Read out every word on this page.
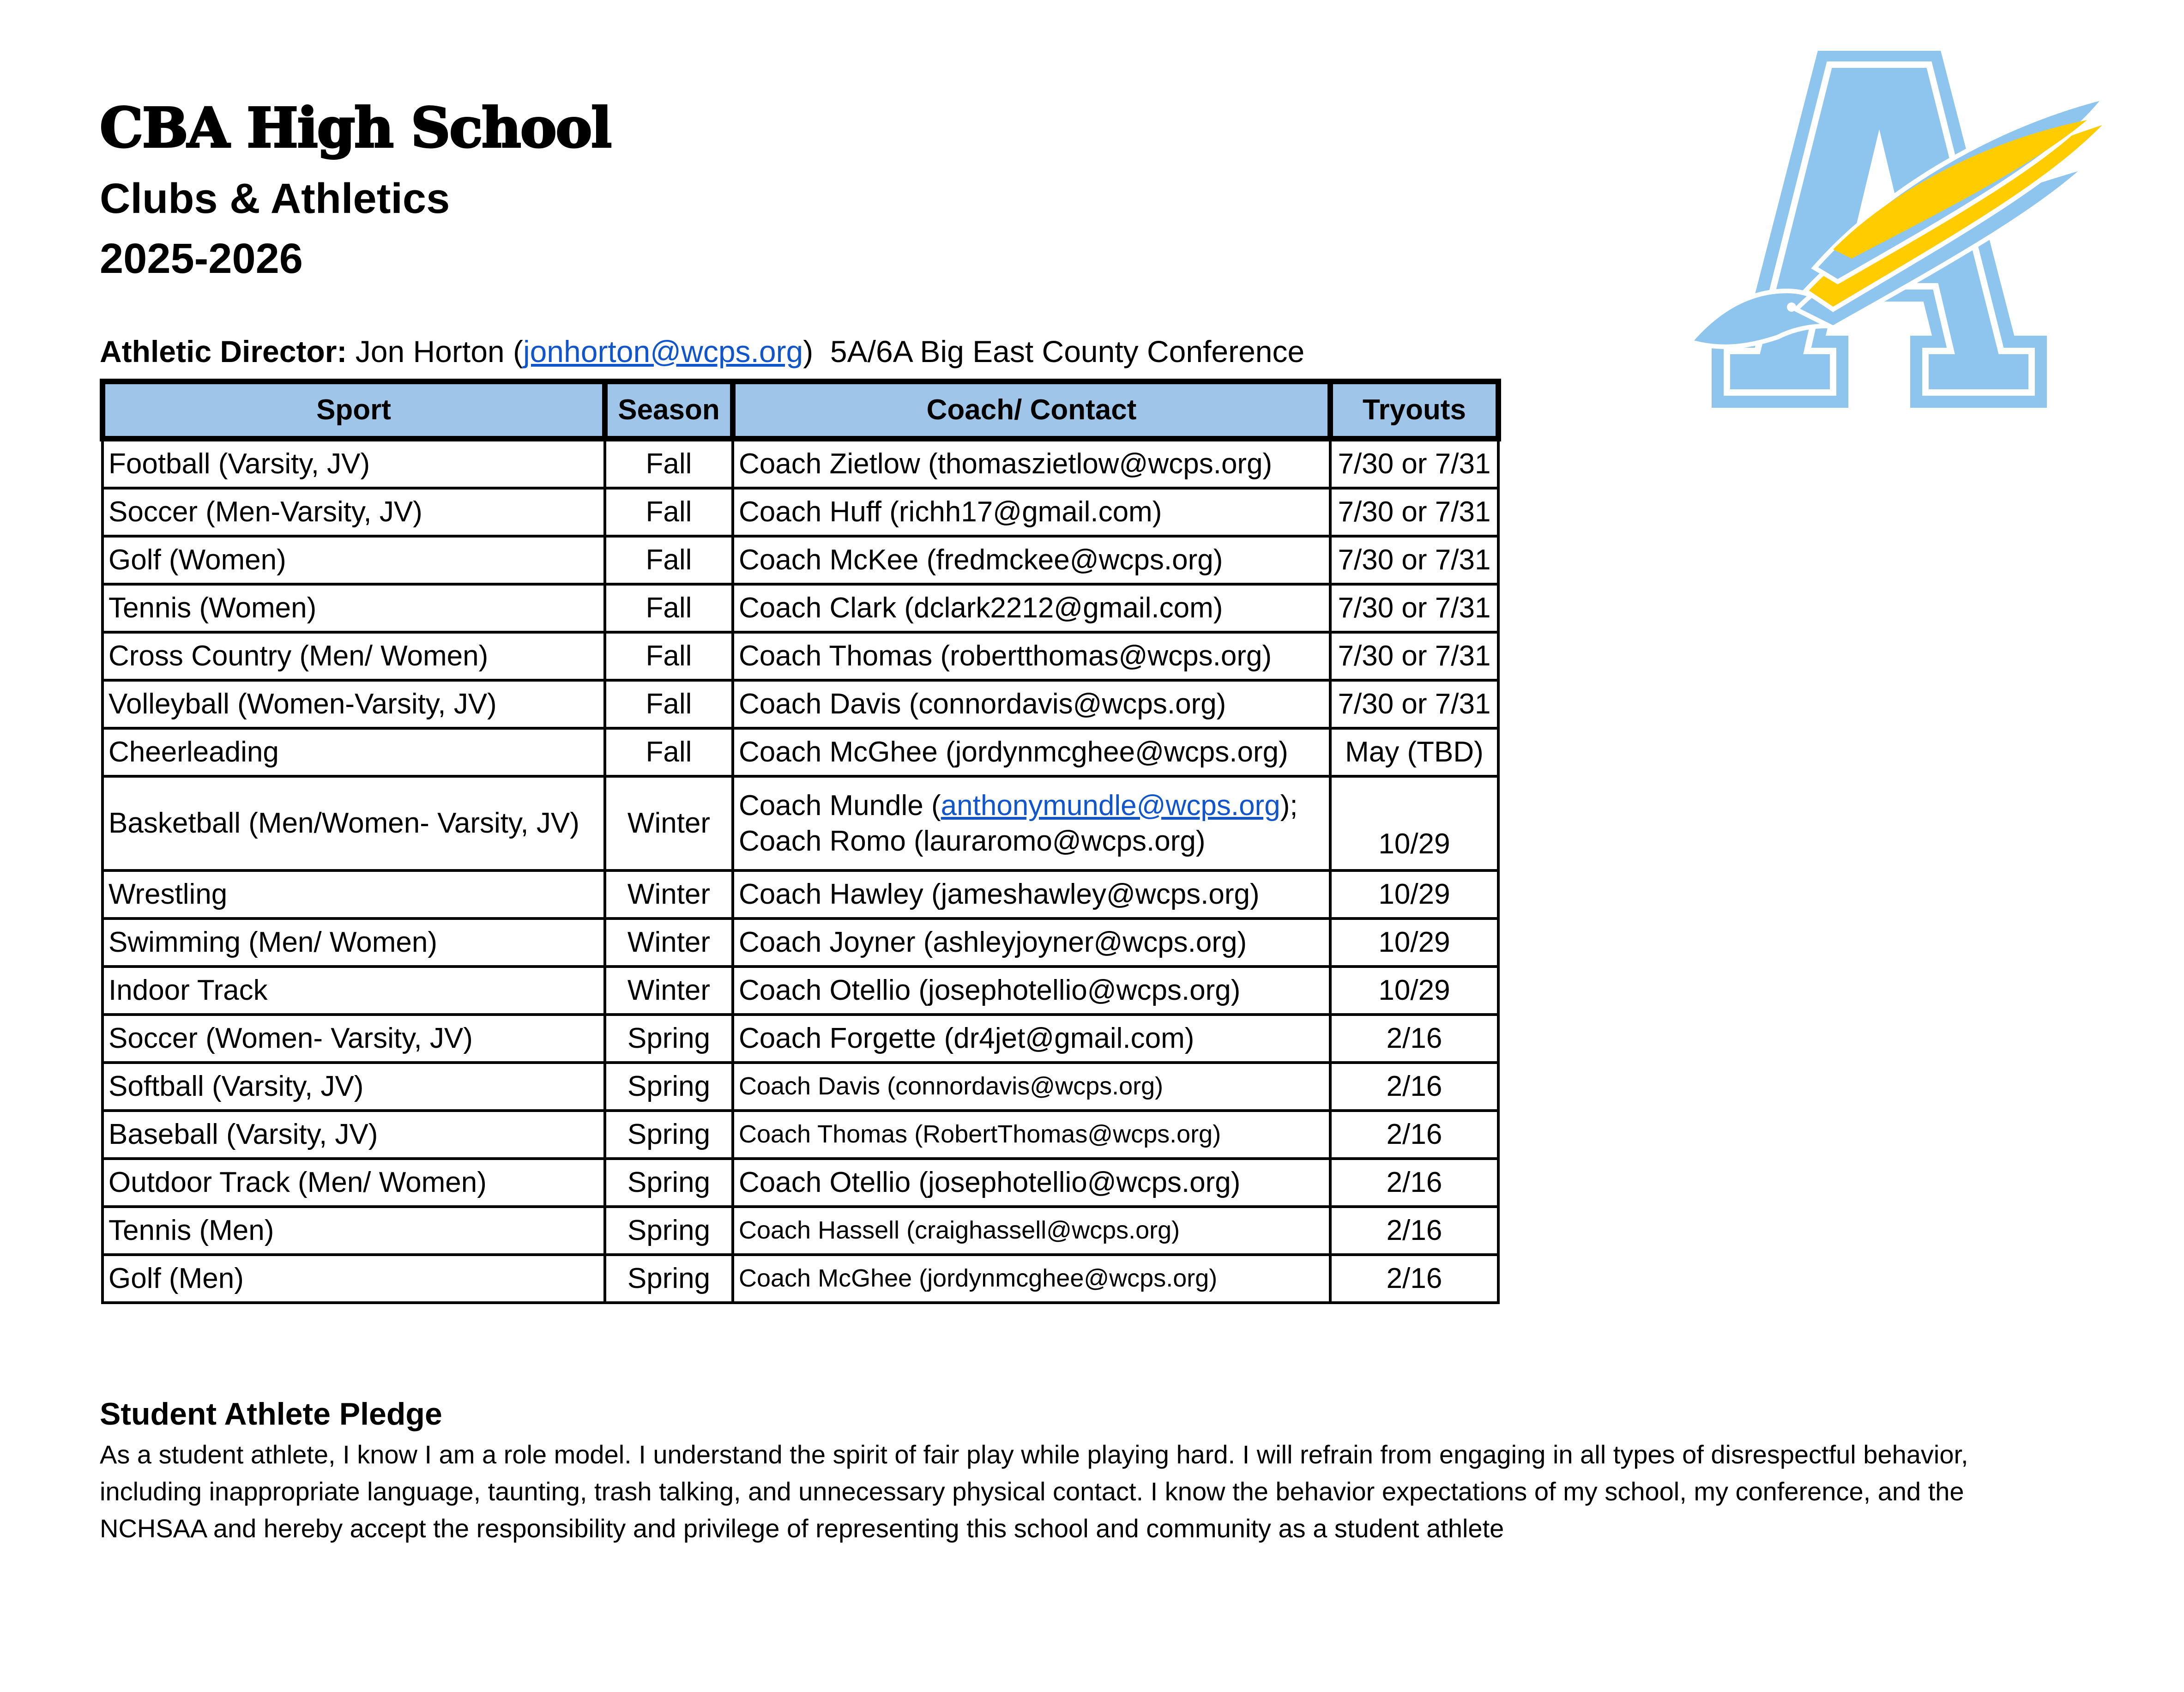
CBA High School
Clubs & Athletics
2025-2026
Athletic Director: Jon Horton (jonhorton@wcps.org) 5A/6A Big East County Conference
Sport	Season	Coach/ Contact	Tryouts
Football (Varsity, JV)	Fall	Coach Zietlow (thomaszietlow@wcps.org)	7/30 or 7/31
Soccer (Men-Varsity, JV)	Fall	Coach Huff (richh17@gmail.com)	7/30 or 7/31
Golf (Women)	Fall	Coach McKee (fredmckee@wcps.org)	7/30 or 7/31
Tennis (Women)	Fall	Coach Clark (dclark2212@gmail.com)	7/30 or 7/31
Cross Country (Men/ Women)	Fall	Coach Thomas (robertthomas@wcps.org)	7/30 or 7/31
Volleyball (Women-Varsity, JV)	Fall	Coach Davis (connordavis@wcps.org)	7/30 or 7/31
Cheerleading	Fall	Coach McGhee (jordynmcghee@wcps.org)	May (TBD)
Basketball (Men/Women- Varsity, JV)	Winter	Coach Mundle (anthonymundle@wcps.org);
Coach Romo (lauraromo@wcps.org)	10/29
Wrestling	Winter	Coach Hawley (jameshawley@wcps.org)	10/29
Swimming (Men/ Women)	Winter	Coach Joyner (ashleyjoyner@wcps.org)	10/29
Indoor Track	Winter	Coach Otellio (josephotellio@wcps.org)	10/29
Soccer (Women- Varsity, JV)	Spring	Coach Forgette (dr4jet@gmail.com)	2/16
Softball (Varsity, JV)	Spring	Coach Davis (connordavis@wcps.org)	2/16
Baseball (Varsity, JV)	Spring	Coach Thomas (RobertThomas@wcps.org)	2/16
Outdoor Track (Men/ Women)	Spring	Coach Otellio (josephotellio@wcps.org)	2/16
Tennis (Men)	Spring	Coach Hassell (craighassell@wcps.org)	2/16
Golf (Men)	Spring	Coach McGhee (jordynmcghee@wcps.org)	2/16
Student Athlete Pledge
As a student athlete, I know I am a role model. I understand the spirit of fair play while playing hard. I will refrain from engaging in all types of disrespectful behavior, including inappropriate language, taunting, trash talking, and unnecessary physical contact. I know the behavior expectations of my school, my conference, and the NCHSAA and hereby accept the responsibility and privilege of representing this school and community as a student athlete
